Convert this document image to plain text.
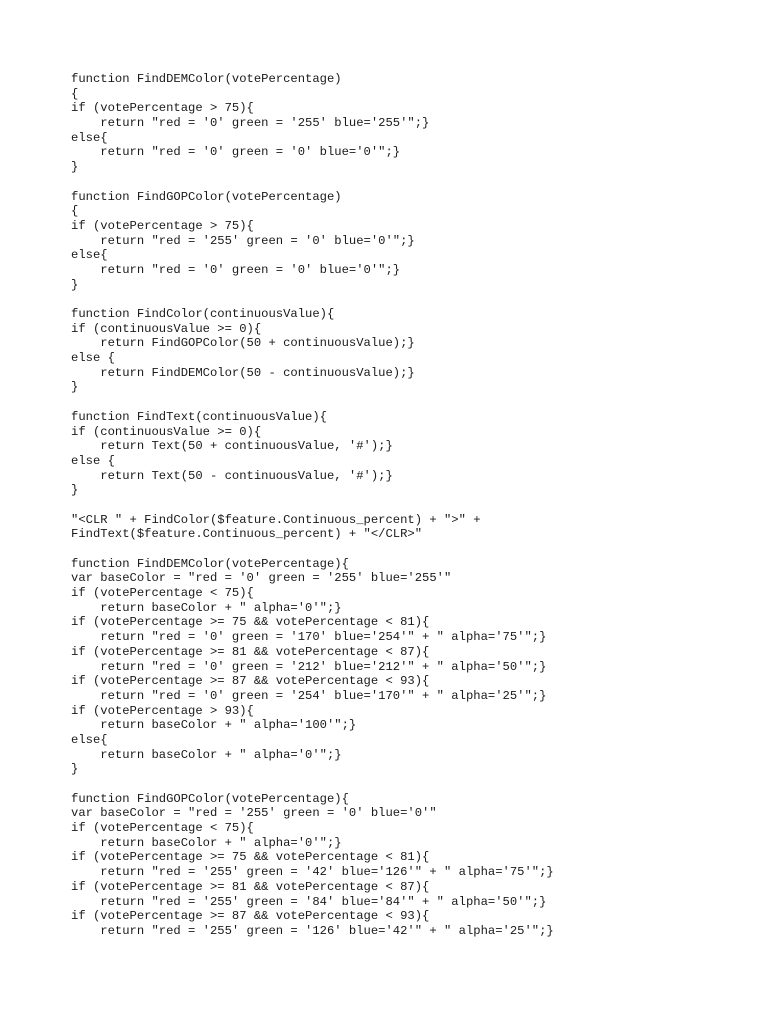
function FindDEMColor(votePercentage)
{
if (votePercentage > 75){
return "red = '0' green = '255' blue='255'";}
else{
return "red = '0' green = '0' blue='0'";}
}
function FindGOPColor(votePercentage)
{
if (votePercentage > 75){
return "red = '255' green = '0' blue='0'";}
else{
return "red = '0' green = '0' blue='0'";}
}
function FindColor(continuousValue){
if (continuousValue >= 0){
return FindGOPColor(50 + continuousValue);}
else {
return FindDEMColor(50 - continuousValue);}
}
function FindText(continuousValue){
if (continuousValue >= 0){
return Text(50 + continuousValue, '#');}
else {
return Text(50 - continuousValue, '#');}
}
"<CLR " + FindColor($feature.Continuous_percent) + ">" +
FindText($feature.Continuous_percent) + "</CLR>"
function FindDEMColor(votePercentage){
var baseColor = "red = '0' green = '255' blue='255'"
if (votePercentage < 75){
return baseColor + " alpha='0'";}
if (votePercentage >= 75 && votePercentage < 81){
return "red = '0' green = '170' blue='254'" + " alpha='75'";}
if (votePercentage >= 81 && votePercentage < 87){
return "red = '0' green = '212' blue='212'" + " alpha='50'";}
if (votePercentage >= 87 && votePercentage < 93){
return "red = '0' green = '254' blue='170'" + " alpha='25'";}
if (votePercentage > 93){
return baseColor + " alpha='100'";}
else{
return baseColor + " alpha='0'";}
}
function FindGOPColor(votePercentage){
var baseColor = "red = '255' green = '0' blue='0'"
if (votePercentage < 75){
return baseColor + " alpha='0'";}
if (votePercentage >= 75 && votePercentage < 81){
return "red = '255' green = '42' blue='126'" + " alpha='75'";}
if (votePercentage >= 81 && votePercentage < 87){
return "red = '255' green = '84' blue='84'" + " alpha='50'";}
if (votePercentage >= 87 && votePercentage < 93){
return "red = '255' green = '126' blue='42'" + " alpha='25'";}
